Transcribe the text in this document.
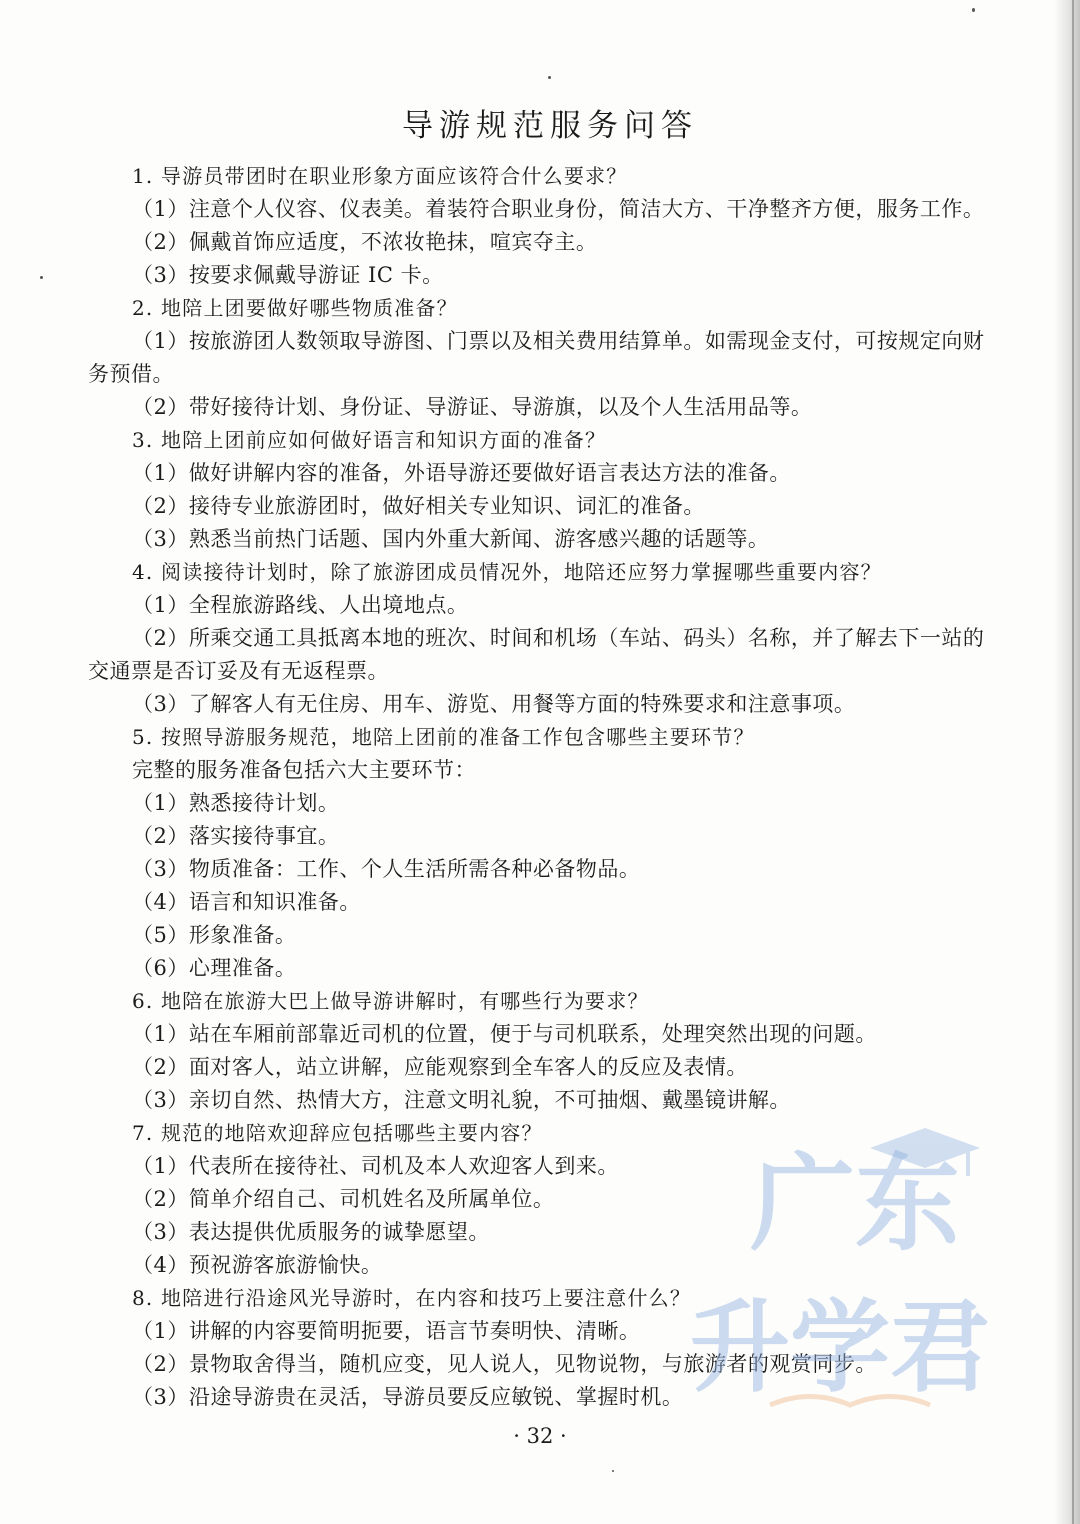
导游规范服务问答
1. 导游员带团时在职业形象方面应该符合什么要求？
（1）注意个人仪容、仪表美。着装符合职业身份，简洁大方、干净整齐方便，服务工作。
（2）佩戴首饰应适度，不浓妆艳抹，喧宾夺主。
（3）按要求佩戴导游证 IC 卡。
2. 地陪上团要做好哪些物质准备？
（1）按旅游团人数领取导游图、门票以及相关费用结算单。如需现金支付，可按规定向财
务预借。
（2）带好接待计划、身份证、导游证、导游旗，以及个人生活用品等。
3. 地陪上团前应如何做好语言和知识方面的准备？
（1）做好讲解内容的准备，外语导游还要做好语言表达方法的准备。
（2）接待专业旅游团时，做好相关专业知识、词汇的准备。
（3）熟悉当前热门话题、国内外重大新闻、游客感兴趣的话题等。
4. 阅读接待计划时，除了旅游团成员情况外，地陪还应努力掌握哪些重要内容？
（1）全程旅游路线、人出境地点。
（2）所乘交通工具抵离本地的班次、时间和机场（车站、码头）名称，并了解去下一站的
交通票是否订妥及有无返程票。
（3）了解客人有无住房、用车、游览、用餐等方面的特殊要求和注意事项。
5. 按照导游服务规范，地陪上团前的准备工作包含哪些主要环节？
完整的服务准备包括六大主要环节：
（1）熟悉接待计划。
（2）落实接待事宜。
（3）物质准备：工作、个人生活所需各种必备物品。
（4）语言和知识准备。
（5）形象准备。
（6）心理准备。
6. 地陪在旅游大巴上做导游讲解时，有哪些行为要求？
（1）站在车厢前部靠近司机的位置，便于与司机联系，处理突然出现的问题。
（2）面对客人，站立讲解，应能观察到全车客人的反应及表情。
（3）亲切自然、热情大方，注意文明礼貌，不可抽烟、戴墨镜讲解。
7. 规范的地陪欢迎辞应包括哪些主要内容？
（1）代表所在接待社、司机及本人欢迎客人到来。
（2）简单介绍自己、司机姓名及所属单位。
（3）表达提供优质服务的诚挚愿望。
（4）预祝游客旅游愉快。
8. 地陪进行沿途风光导游时，在内容和技巧上要注意什么？
（1）讲解的内容要简明扼要，语言节奏明快、清晰。
（2）景物取舍得当，随机应变，见人说人，见物说物，与旅游者的观赏同步。
（3）沿途导游贵在灵活，导游员要反应敏锐、掌握时机。
广东
升学君
· 32 ·
